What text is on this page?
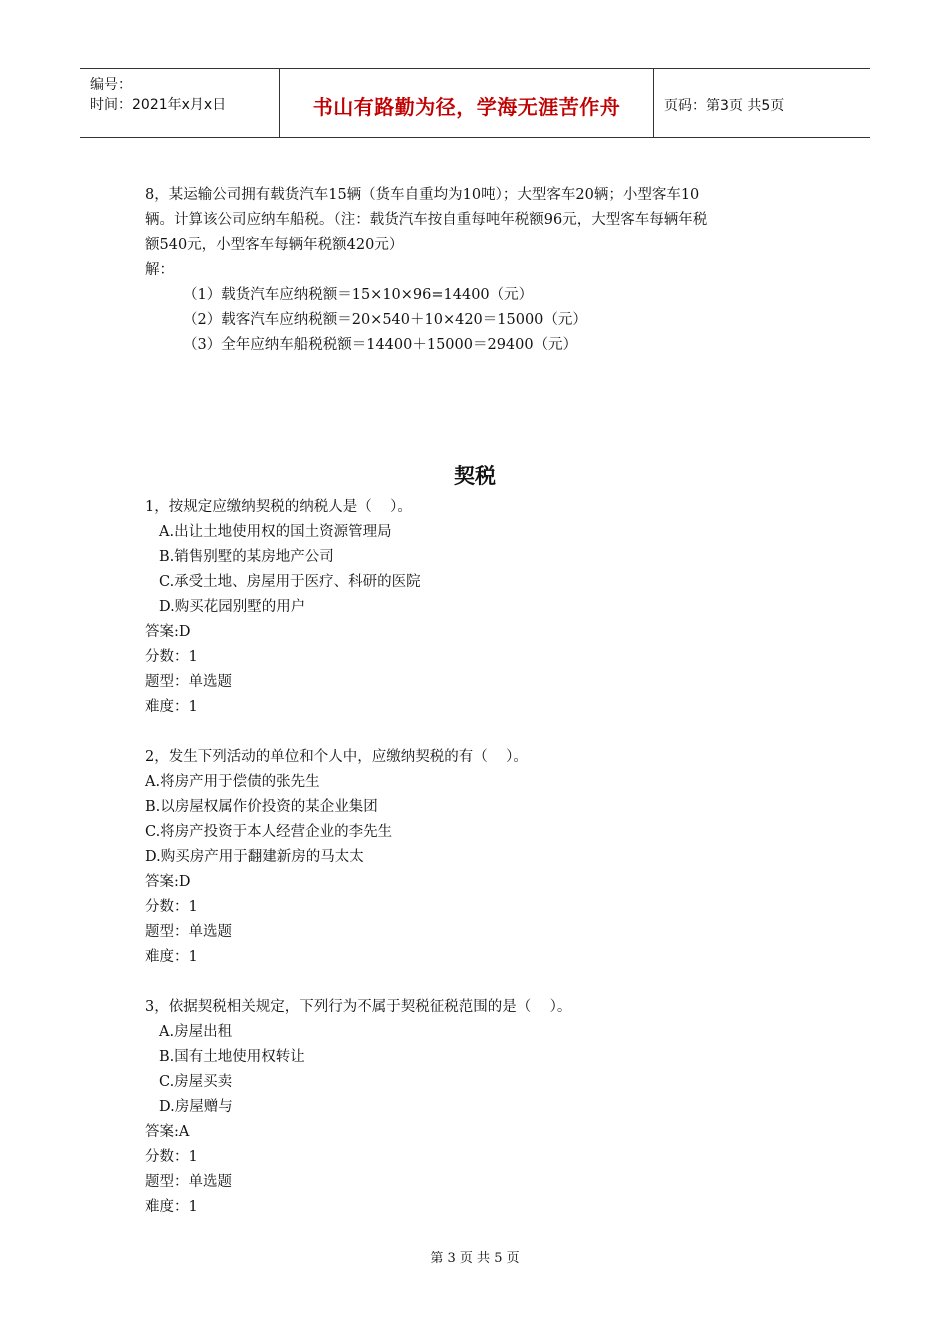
编号：
时间：2021年x月x日	书山有路勤为径，学海无涯苦作舟	页码：第3页 共5页
8，某运输公司拥有载货汽车15辆（货车自重均为10吨）；大型客车20辆；小型客车10
辆。计算该公司应纳车船税。（注：载货汽车按自重每吨年税额96元，大型客车每辆年税
额540元，小型客车每辆年税额420元）
解：
（1）载货汽车应纳税额＝15×10×96=14400（元）
（2）载客汽车应纳税额＝20×540＋10×420＝15000（元）
（3）全年应纳车船税税额＝14400＋15000＝29400（元）
契税
1，按规定应缴纳契税的纳税人是（    ）。
A.出让土地使用权的国土资源管理局
B.销售别墅的某房地产公司
C.承受土地、房屋用于医疗、科研的医院
D.购买花园别墅的用户
答案:D
分数：1
题型：单选题
难度：1
2，发生下列活动的单位和个人中，应缴纳契税的有（    ）。
A.将房产用于偿债的张先生
B.以房屋权属作价投资的某企业集团
C.将房产投资于本人经营企业的李先生
D.购买房产用于翻建新房的马太太
答案:D
分数：1
题型：单选题
难度：1
3，依据契税相关规定，下列行为不属于契税征税范围的是（    ）。
A.房屋出租
B.国有土地使用权转让
C.房屋买卖
D.房屋赠与
答案:A
分数：1
题型：单选题
难度：1
第 3 页 共 5 页
